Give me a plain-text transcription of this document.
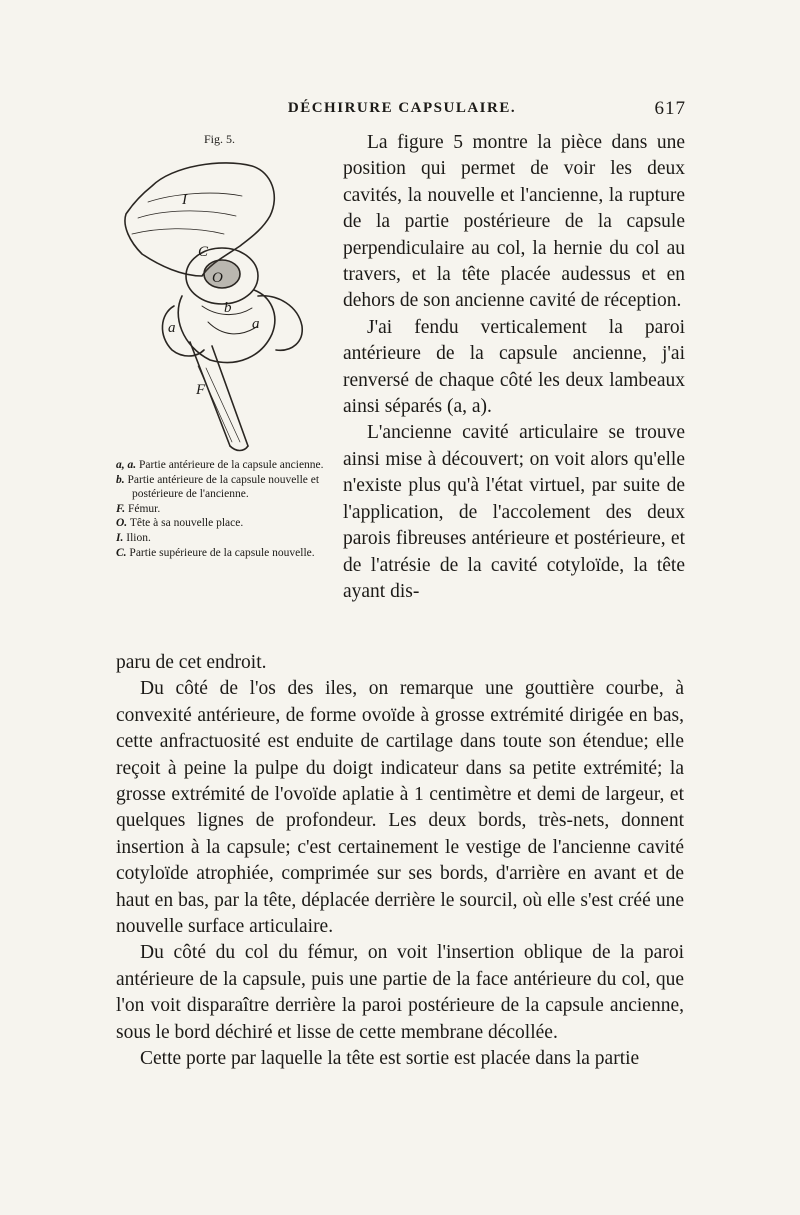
DÉCHIRURE CAPSULAIRE.	617
Fig. 5.
I
C
O
b
a	a
F

a, a. Partie antérieure de la capsule ancienne.

b. Partie antérieure de la capsule nouvelle et postérieure de l'ancienne.

F. Fémur.

O. Tête à sa nouvelle place.

I. Ilion.

C. Partie supérieure de la capsule nouvelle.

La figure 5 montre la pièce dans une position qui permet de voir les deux cavités, la nouvelle et l'ancienne, la rupture de la partie postérieure de la capsule perpendiculaire au col, la hernie du col au travers, et la tête placée audessus et en dehors de son ancienne cavité de réception.

J'ai fendu verticalement la paroi antérieure de la capsule ancienne, j'ai renversé de chaque côté les deux lambeaux ainsi séparés (a, a).

L'ancienne cavité articulaire se trouve ainsi mise à découvert; on voit alors qu'elle n'existe plus qu'à l'état virtuel, par suite de l'application, de l'accolement des deux parois fibreuses antérieure et postérieure, et de l'atrésie de la cavité cotyloïde, la tête ayant dis-

paru de cet endroit.

Du côté de l'os des iles, on remarque une gouttière courbe, à convexité antérieure, de forme ovoïde à grosse extrémité dirigée en bas, cette anfractuosité est enduite de cartilage dans toute son étendue; elle reçoit à peine la pulpe du doigt indicateur dans sa petite extrémité; la grosse extrémité de l'ovoïde aplatie à 1 centimètre et demi de largeur, et quelques lignes de profondeur. Les deux bords, très-nets, donnent insertion à la capsule; c'est certainement le vestige de l'ancienne cavité cotyloïde atrophiée, comprimée sur ses bords, d'arrière en avant et de haut en bas, par la tête, déplacée derrière le sourcil, où elle s'est créé une nouvelle surface articulaire.

Du côté du col du fémur, on voit l'insertion oblique de la paroi antérieure de la capsule, puis une partie de la face antérieure du col, que l'on voit disparaître derrière la paroi postérieure de la capsule ancienne, sous le bord déchiré et lisse de cette membrane décollée.

Cette porte par laquelle la tête est sortie est placée dans la partie
